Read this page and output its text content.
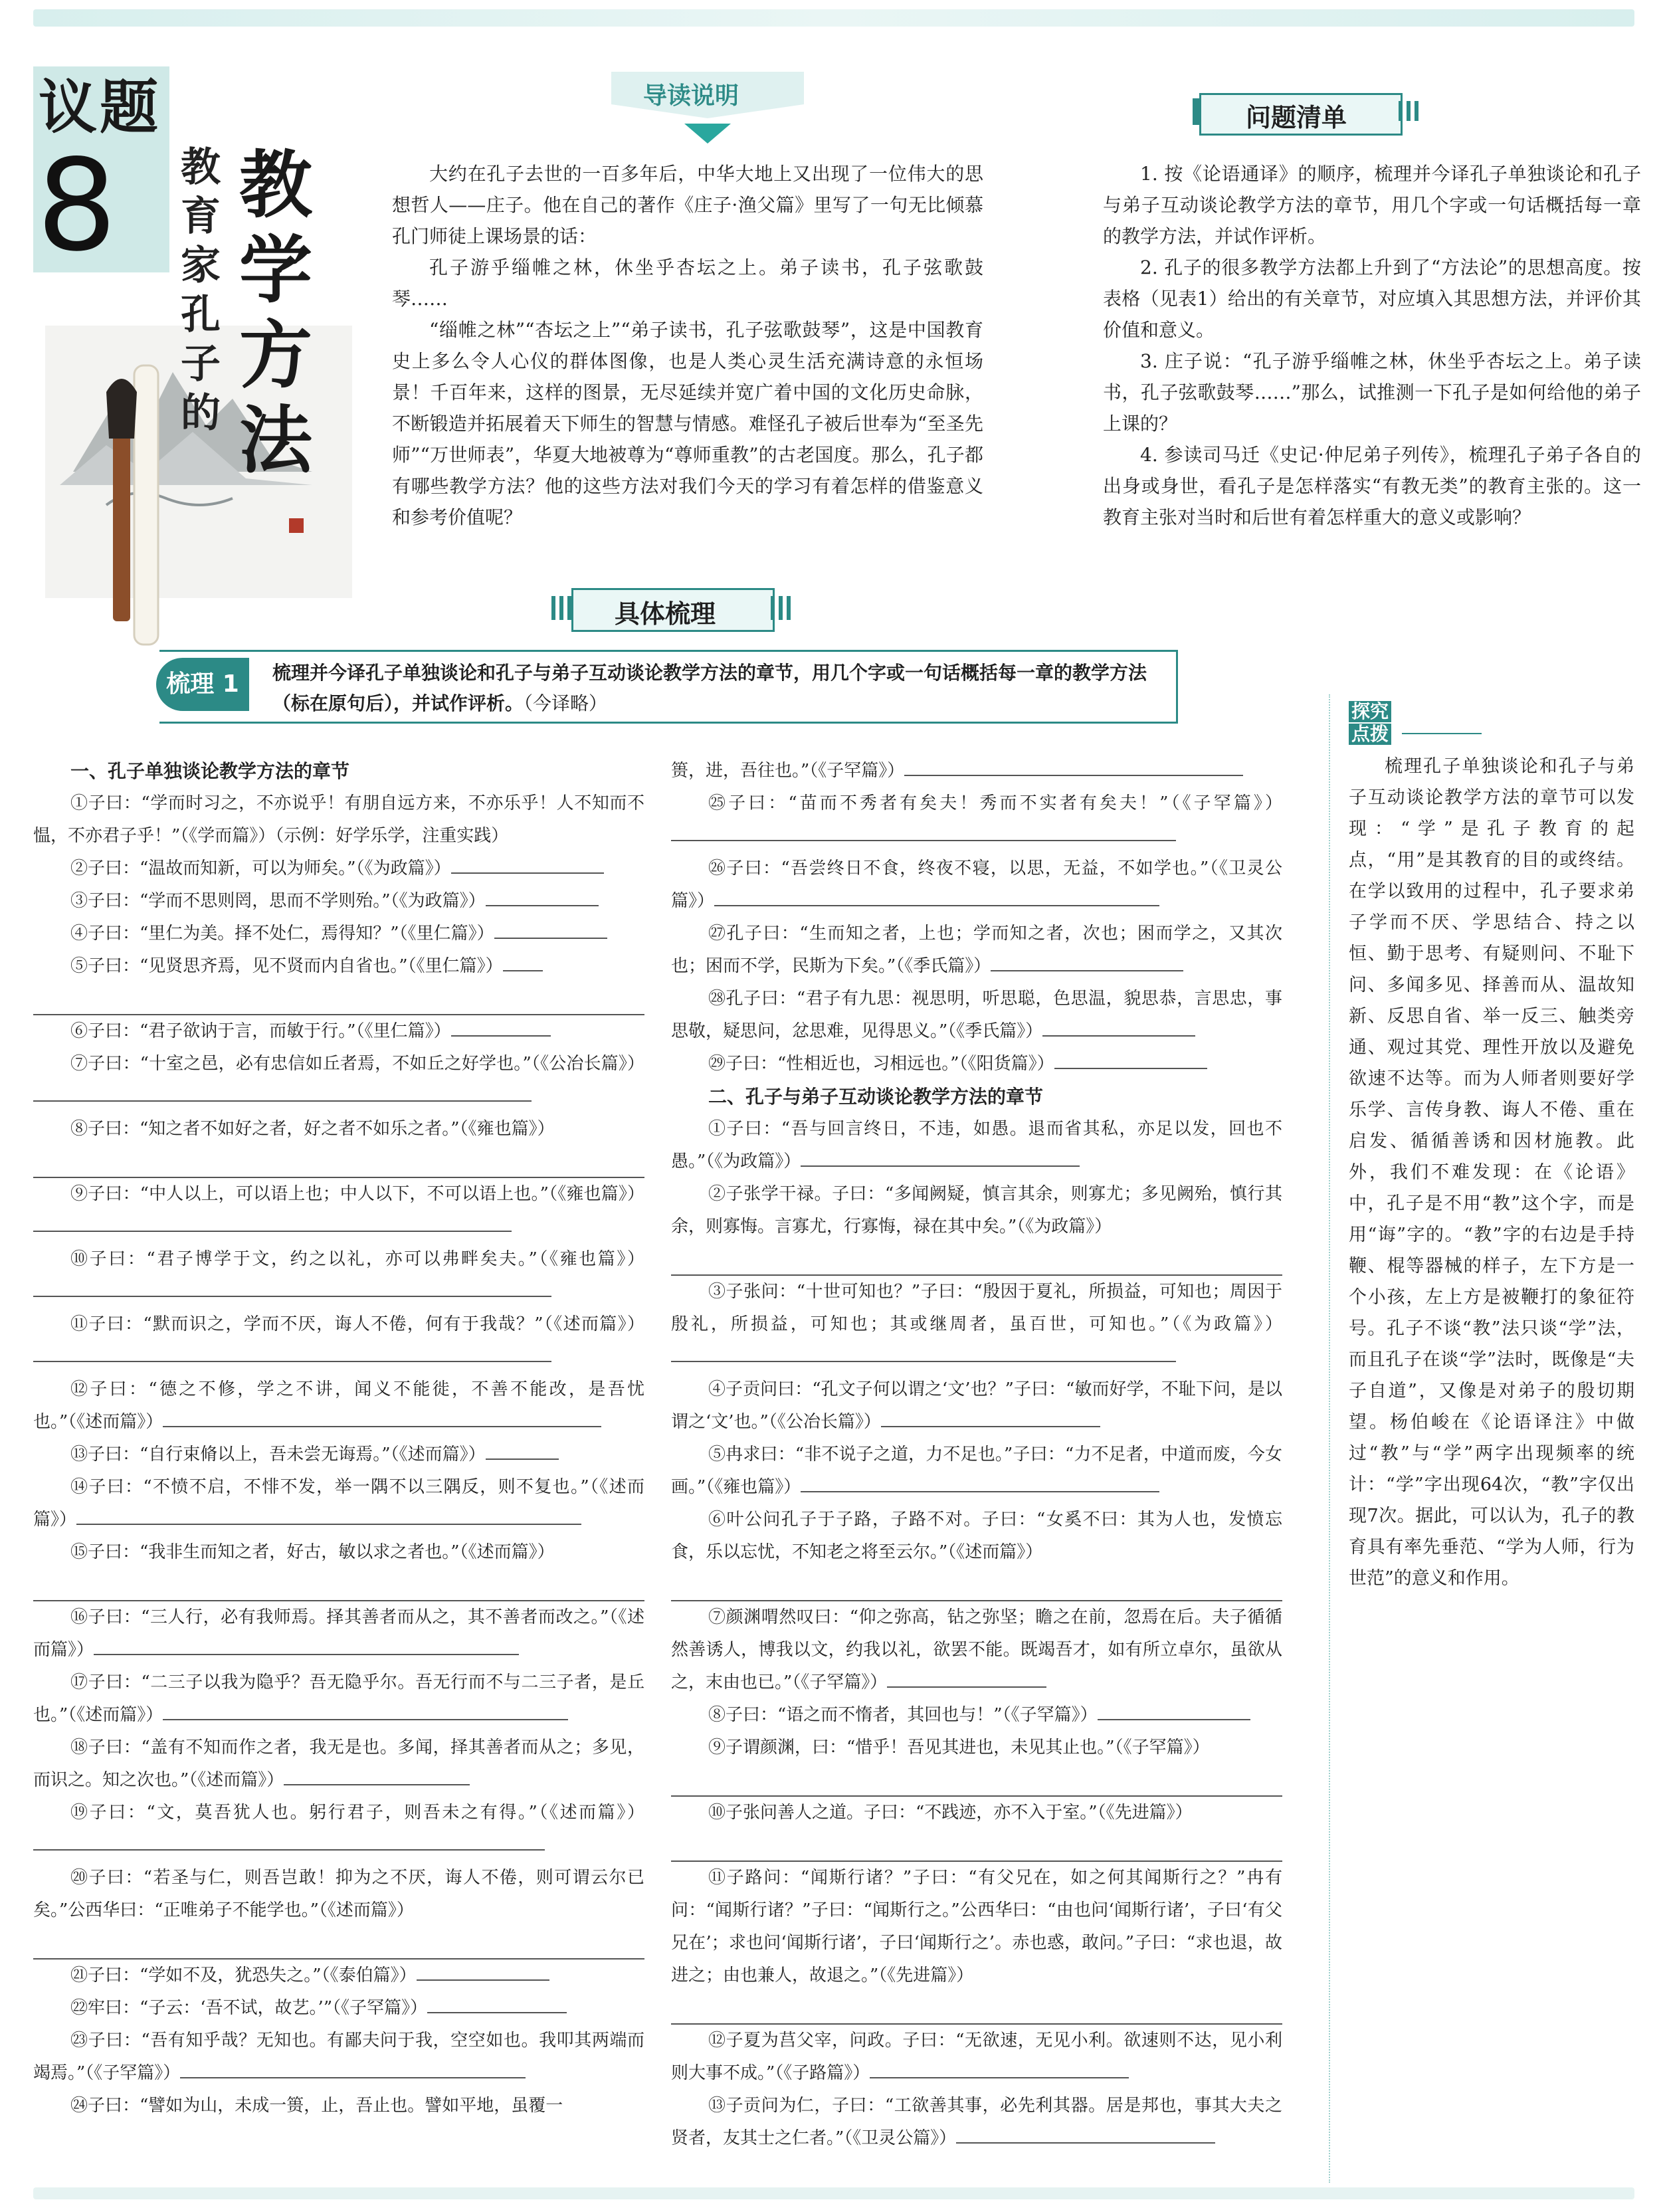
议题
8 教育家孔子的
教学方法
导读说明
问题清单

大约在孔子去世的一百多年后，中华大地上又出现了一位伟大的思想哲人——庄子。他在自己的著作《庄子·渔父篇》里写了一句无比倾慕孔门师徒上课场景的话：

孔子游乎缁帷之林，休坐乎杏坛之上。弟子读书，孔子弦歌鼓琴……

“缁帷之林”“杏坛之上”“弟子读书，孔子弦歌鼓琴”，这是中国教育史上多么令人心仪的群体图像，也是人类心灵生活充满诗意的永恒场景！千百年来，这样的图景，无尽延续并宽广着中国的文化历史命脉，不断锻造并拓展着天下师生的智慧与情感。难怪孔子被后世奉为“至圣先师”“万世师表”，华夏大地被尊为“尊师重教”的古老国度。那么，孔子都有哪些教学方法？他的这些方法对我们今天的学习有着怎样的借鉴意义和参考价值呢？

1. 按《论语通译》的顺序，梳理并今译孔子单独谈论和孔子与弟子互动谈论教学方法的章节，用几个字或一句话概括每一章的教学方法，并试作评析。

2. 孔子的很多教学方法都上升到了“方法论”的思想高度。按表格（见表1）给出的有关章节，对应填入其思想方法，并评价其价值和意义。

3. 庄子说：“孔子游乎缁帷之林，休坐乎杏坛之上。弟子读书，孔子弦歌鼓琴……”那么，试推测一下孔子是如何给他的弟子上课的？

4. 参读司马迁《史记·仲尼弟子列传》，梳理孔子弟子各自的出身或身世，看孔子是怎样落实“有教无类”的教育主张的。这一教育主张对当时和后世有着怎样重大的意义或影响？

具体梳理
梳理 1	梳理并今译孔子单独谈论和孔子与弟子互动谈论教学方法的章节，用几个字或一句话概括每一章的教学方法（标在原句后），并试作评析。（今译略）
一、孔子单独谈论教学方法的章节
①子曰：“学而时习之，不亦说乎！有朋自远方来，不亦乐乎！人不知而不愠，不亦君子乎！”（《学而篇》）（示例：好学乐学，注重实践）
②子曰：“温故而知新，可以为师矣。”（《为政篇》）
③子曰：“学而不思则罔，思而不学则殆。”（《为政篇》）
④子曰：“里仁为美。择不处仁，焉得知？”（《里仁篇》）
⑤子曰：“见贤思齐焉，见不贤而内自省也。”（《里仁篇》）
⑥子曰：“君子欲讷于言，而敏于行。”（《里仁篇》）
⑦子曰：“十室之邑，必有忠信如丘者焉，不如丘之好学也。”（《公冶长篇》）
⑧子曰：“知之者不如好之者，好之者不如乐之者。”（《雍也篇》）
⑨子曰：“中人以上，可以语上也；中人以下，不可以语上也。”（《雍也篇》）
⑩子曰：“君子博学于文，约之以礼，亦可以弗畔矣夫。”（《雍也篇》）
⑪子曰：“默而识之，学而不厌，诲人不倦，何有于我哉？”（《述而篇》）
⑫子曰：“德之不修，学之不讲，闻义不能徙，不善不能改，是吾忧也。”（《述而篇》）
⑬子曰：“自行束脩以上，吾未尝无诲焉。”（《述而篇》）
⑭子曰：“不愤不启，不悱不发，举一隅不以三隅反，则不复也。”（《述而篇》）
⑮子曰：“我非生而知之者，好古，敏以求之者也。”（《述而篇》）
⑯子曰：“三人行，必有我师焉。择其善者而从之，其不善者而改之。”（《述而篇》）
⑰子曰：“二三子以我为隐乎？吾无隐乎尔。吾无行而不与二三子者，是丘也。”（《述而篇》）
⑱子曰：“盖有不知而作之者，我无是也。多闻，择其善者而从之；多见，而识之。知之次也。”（《述而篇》）
⑲子曰：“文，莫吾犹人也。躬行君子，则吾未之有得。”（《述而篇》）
⑳子曰：“若圣与仁，则吾岂敢！抑为之不厌，诲人不倦，则可谓云尔已矣。”公西华曰：“正唯弟子不能学也。”（《述而篇》）
㉑子曰：“学如不及，犹恐失之。”（《泰伯篇》）
㉒牢曰：“子云：‘吾不试，故艺。’”（《子罕篇》）
㉓子曰：“吾有知乎哉？无知也。有鄙夫问于我，空空如也。我叩其两端而竭焉。”（《子罕篇》）
㉔子曰：“譬如为山，未成一篑，止，吾止也。譬如平地，虽覆一
篑，进，吾往也。”（《子罕篇》）
㉕子曰：“苗而不秀者有矣夫！秀而不实者有矣夫！”（《子罕篇》）
㉖子曰：“吾尝终日不食，终夜不寝，以思，无益，不如学也。”（《卫灵公篇》）
㉗孔子曰：“生而知之者，上也；学而知之者，次也；困而学之，又其次也；困而不学，民斯为下矣。”（《季氏篇》）
㉘孔子曰：“君子有九思：视思明，听思聪，色思温，貌思恭，言思忠，事思敬，疑思问，忿思难，见得思义。”（《季氏篇》）
㉙子曰：“性相近也，习相远也。”（《阳货篇》）
二、孔子与弟子互动谈论教学方法的章节
①子曰：“吾与回言终日，不违，如愚。退而省其私，亦足以发，回也不愚。”（《为政篇》）
②子张学干禄。子曰：“多闻阙疑，慎言其余，则寡尤；多见阙殆，慎行其余，则寡悔。言寡尤，行寡悔，禄在其中矣。”（《为政篇》）
③子张问：“十世可知也？”子曰：“殷因于夏礼，所损益，可知也；周因于殷礼，所损益，可知也；其或继周者，虽百世，可知也。”（《为政篇》）
④子贡问曰：“孔文子何以谓之‘文’也？”子曰：“敏而好学，不耻下问，是以谓之‘文’也。”（《公冶长篇》）
⑤冉求曰：“非不说子之道，力不足也。”子曰：“力不足者，中道而废，今女画。”（《雍也篇》）
⑥叶公问孔子于子路，子路不对。子曰：“女奚不曰：其为人也，发愤忘食，乐以忘忧，不知老之将至云尔。”（《述而篇》）
⑦颜渊喟然叹曰：“仰之弥高，钻之弥坚；瞻之在前，忽焉在后。夫子循循然善诱人，博我以文，约我以礼，欲罢不能。既竭吾才，如有所立卓尔，虽欲从之，末由也已。”（《子罕篇》）
⑧子曰：“语之而不惰者，其回也与！”（《子罕篇》）
⑨子谓颜渊，曰：“惜乎！吾见其进也，未见其止也。”（《子罕篇》）
⑩子张问善人之道。子曰：“不践迹，亦不入于室。”（《先进篇》）
⑪子路问：“闻斯行诸？”子曰：“有父兄在，如之何其闻斯行之？”冉有问：“闻斯行诸？”子曰：“闻斯行之。”公西华曰：“由也问‘闻斯行诸’，子曰‘有父兄在’；求也问‘闻斯行诸’，子曰‘闻斯行之’。赤也惑，敢问。”子曰：“求也退，故进之；由也兼人，故退之。”（《先进篇》）
⑫子夏为莒父宰，问政。子曰：“无欲速，无见小利。欲速则不达，见小利则大事不成。”（《子路篇》）
⑬子贡问为仁，子曰：“工欲善其事，必先利其器。居是邦也，事其大夫之贤者，友其士之仁者。”（《卫灵公篇》）
探究
点拨

梳理孔子单独谈论和孔子与弟子互动谈论教学方法的章节可以发现：“学”是孔子教育的起点，“用”是其教育的目的或终结。在学以致用的过程中，孔子要求弟子学而不厌、学思结合、持之以恒、勤于思考、有疑则问、不耻下问、多闻多见、择善而从、温故知新、反思自省、举一反三、触类旁通、观过其党、理性开放以及避免欲速不达等。而为人师者则要好学乐学、言传身教、诲人不倦、重在启发、循循善诱和因材施教。此外，我们不难发现：在《论语》中，孔子是不用“教”这个字，而是用“诲”字的。“教”字的右边是手持鞭、棍等器械的样子，左下方是一个小孩，左上方是被鞭打的象征符号。孔子不谈“教”法只谈“学”法，而且孔子在谈“学”法时，既像是“夫子自道”，又像是对弟子的殷切期望。杨伯峻在《论语译注》中做过“教”与“学”两字出现频率的统计：“学”字出现64次，“教”字仅出现7次。据此，可以认为，孔子的教育具有率先垂范、“学为人师，行为世范”的意义和作用。
